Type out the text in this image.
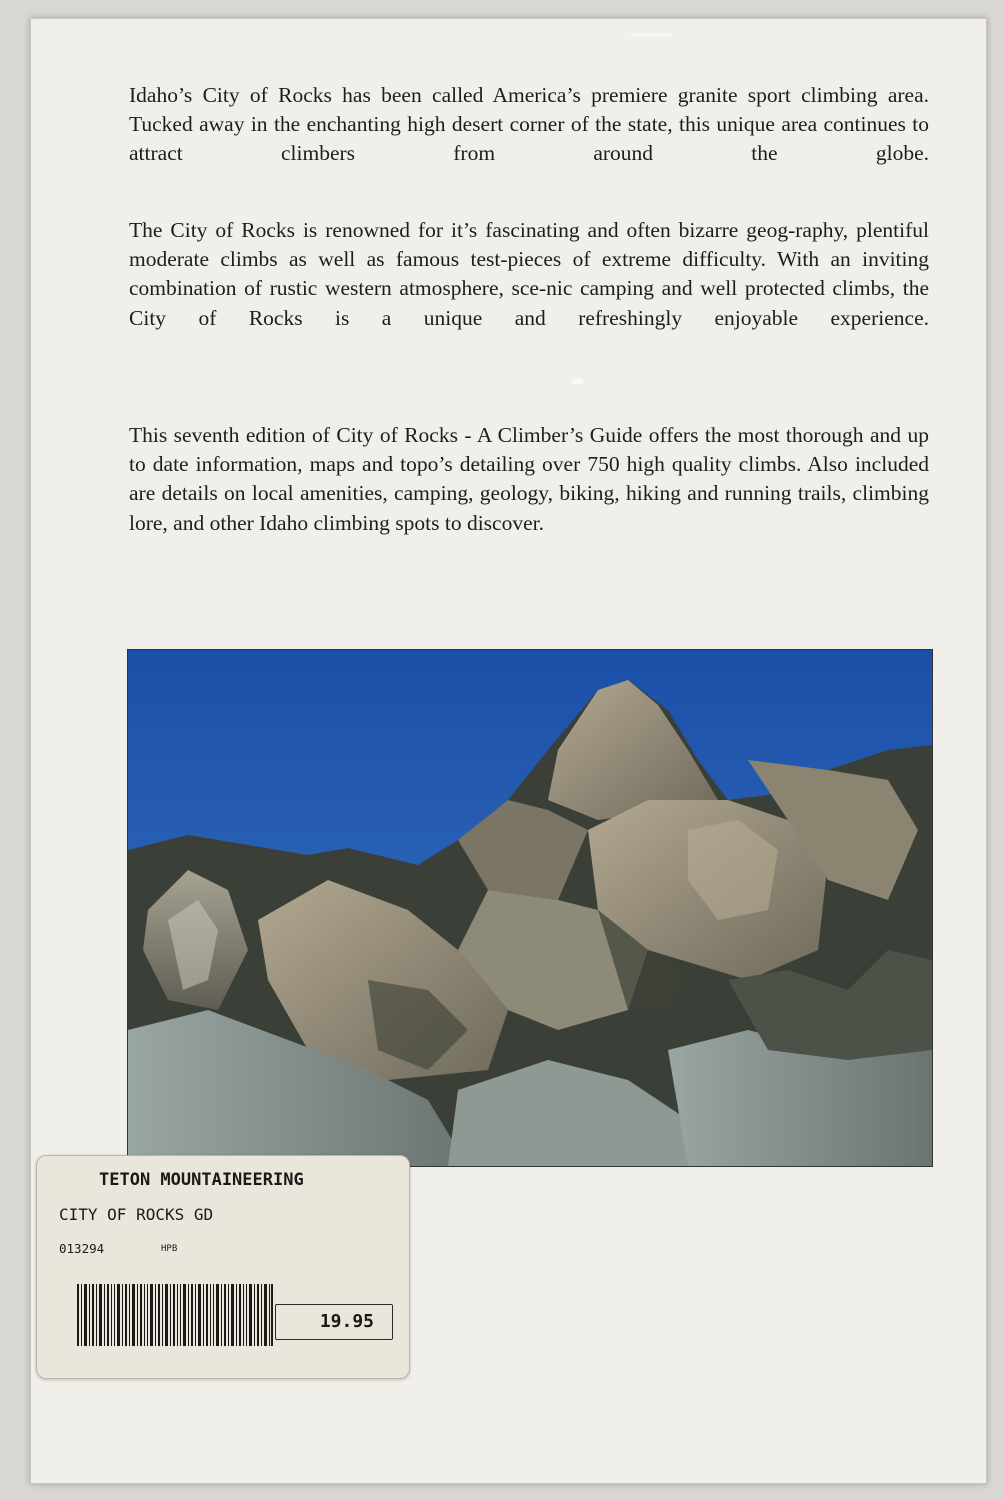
Idaho’s City of Rocks has been called America’s premiere granite sport climbing area. Tucked away in the enchanting high desert corner of the state, this unique area continues to attract climbers from around the globe.

The City of Rocks is renowned for it’s fascinating and often bizarre geog-raphy, plentiful moderate climbs as well as famous test-pieces of extreme difficulty. With an inviting combination of rustic western atmosphere, sce-nic camping and well protected climbs, the City of Rocks is a unique and refreshingly enjoyable experience.

This seventh edition of City of Rocks - A Climber’s Guide offers the most thorough and up to date information, maps and topo’s detailing over 750 high quality climbs. Also included are details on local amenities, camping, geology, biking, hiking and running trails, climbing lore, and other Idaho climbing spots to discover.

TETON MOUNTAINEERING
CITY OF ROCKS GD
013294	HPB
19.95
